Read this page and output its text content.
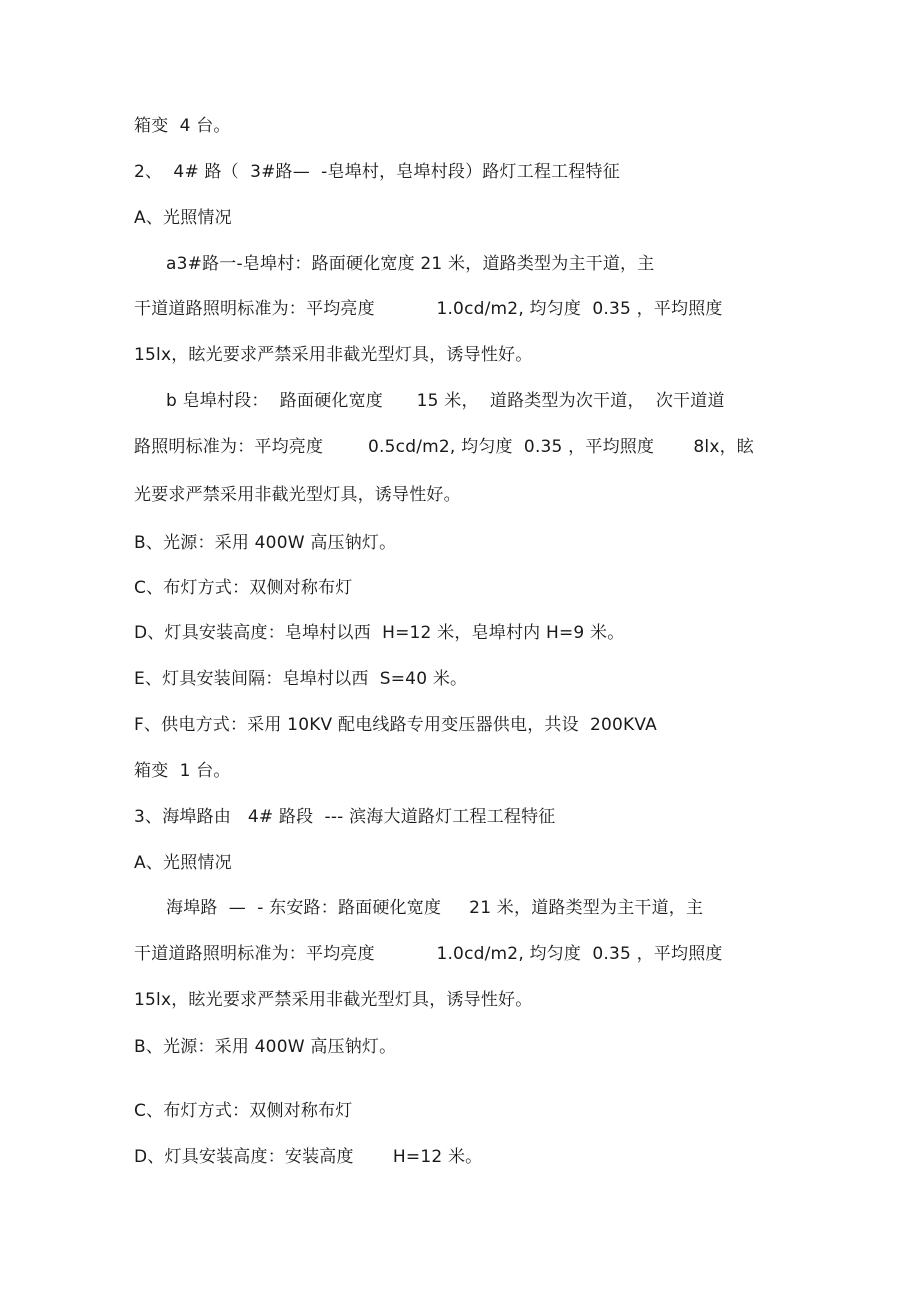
箱变  4 台。
2、  4# 路（  3#路—  -皂埠村，皂埠村段）路灯工程工程特征
A、光照情况
a3#路一-皂埠村：路面硬化宽度 21 米，道路类型为主干道，主
干道道路照明标准为：平均亮度           1.0cd/m2, 均匀度  0.35 ，平均照度
15lx，眩光要求严禁采用非截光型灯具，诱导性好。
b 皂埠村段：  路面硬化宽度      15 米，  道路类型为次干道，  次干道道
路照明标准为：平均亮度        0.5cd/m2, 均匀度  0.35 ，平均照度       8lx，眩
光要求严禁采用非截光型灯具，诱导性好。
B、光源：采用 400W 高压钠灯。
C、布灯方式：双侧对称布灯
D、灯具安装高度：皂埠村以西  H=12 米，皂埠村内 H=9 米。
E、灯具安装间隔：皂埠村以西  S=40 米。
F、供电方式：采用 10KV 配电线路专用变压器供电，共设  200KVA
箱变  1 台。
3、海埠路由   4# 路段  --- 滨海大道路灯工程工程特征
A、光照情况
海埠路  —  - 东安路：路面硬化宽度     21 米，道路类型为主干道，主
干道道路照明标准为：平均亮度           1.0cd/m2, 均匀度  0.35 ，平均照度
15lx，眩光要求严禁采用非截光型灯具，诱导性好。
B、光源：采用 400W 高压钠灯。
C、布灯方式：双侧对称布灯
D、灯具安装高度：安装高度       H=12 米。
